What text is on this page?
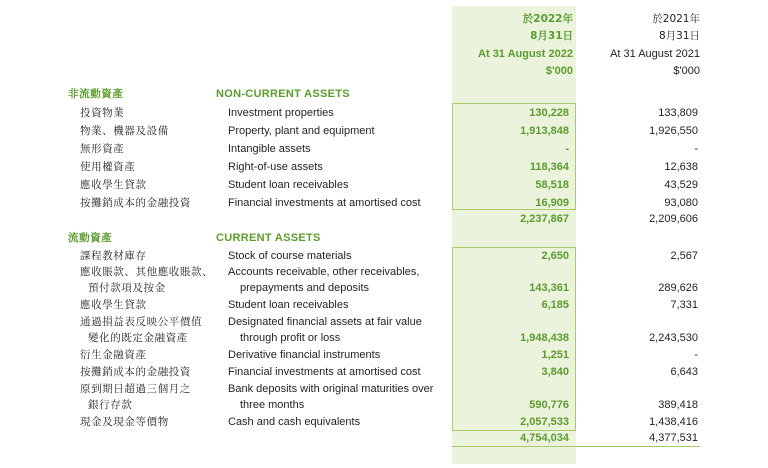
於2022年
8月31日
At 31 August 2022
$'000
於2021年
8月31日
At 31 August 2021
$'000
非流動資產	NON-CURRENT ASSETS
投資物業	Investment properties	130,228	133,809
物業、機器及設備	Property, plant and equipment	1,913,848	1,926,550
無形資產	Intangible assets	-	-
使用權資產	Right-of-use assets	118,364	12,638
應收學生貸款	Student loan receivables	58,518	43,529
按攤銷成本的金融投資	Financial investments at amortised cost	16,909	93,080
2,237,867	2,209,606
流動資產	CURRENT ASSETS
課程教材庫存	Stock of course materials	2,650	2,567
應收賬款、其他應收賬款、
預付款項及按金
Accounts receivable, other receivables,
prepayments and deposits	143,361	289,626
應收學生貸款	Student loan receivables	6,185	7,331
通過損益表反映公平價值
變化的既定金融資產
Designated financial assets at fair value
through profit or loss	1,948,438	2,243,530
衍生金融資產	Derivative financial instruments	1,251	-
按攤銷成本的金融投資	Financial investments at amortised cost	3,840	6,643
原到期日超過三個月之
銀行存款
Bank deposits with original maturities over
three months	590,776	389,418
現金及現金等價物	Cash and cash equivalents	2,057,533	1,438,416
4,754,034	4,377,531
